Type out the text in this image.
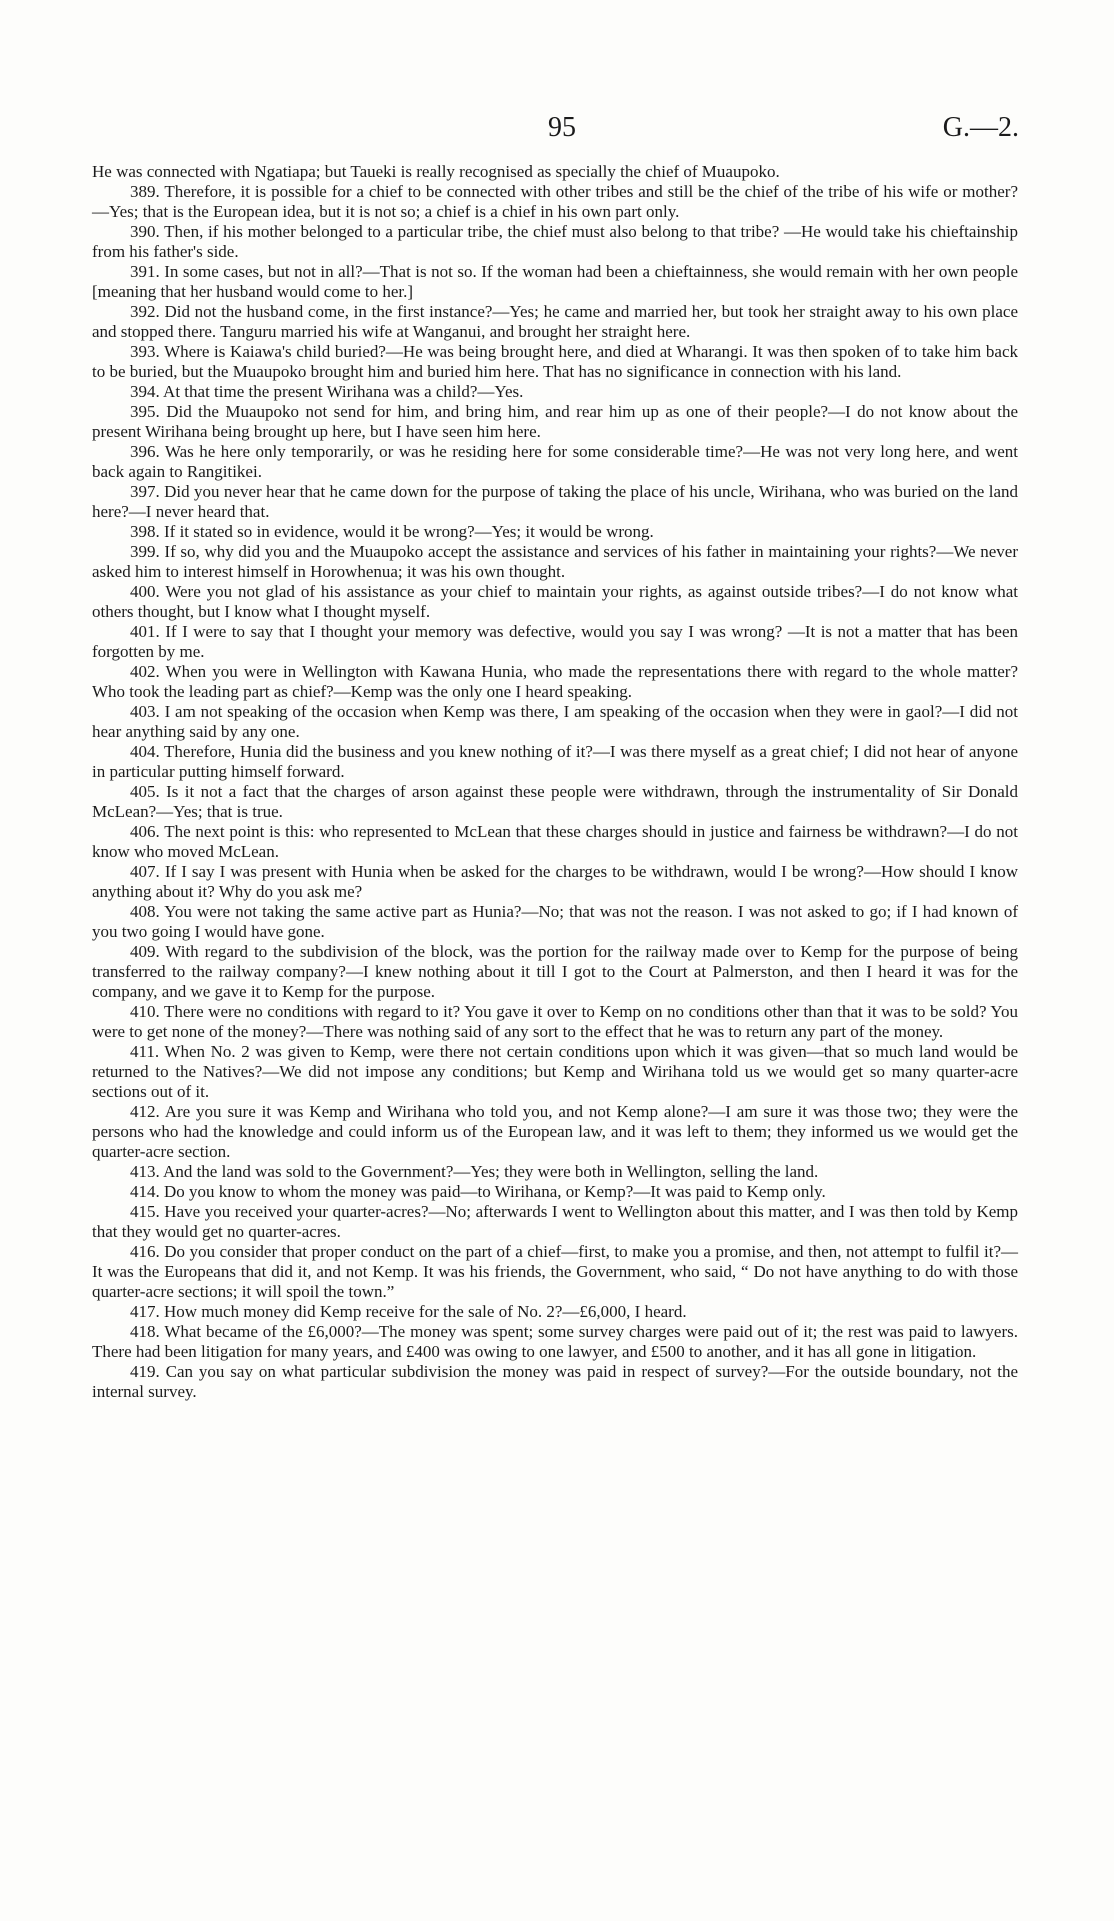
95	G.—2.

He was connected with Ngatiapa; but Taueki is really recognised as specially the chief of Muaupoko.

389. Therefore, it is possible for a chief to be connected with other tribes and still be the chief of the tribe of his wife or mother?—Yes; that is the European idea, but it is not so; a chief is a chief in his own part only.

390. Then, if his mother belonged to a particular tribe, the chief must also belong to that tribe? —He would take his chieftainship from his father's side.

391. In some cases, but not in all?—That is not so. If the woman had been a chieftainness, she would remain with her own people [meaning that her husband would come to her.]

392. Did not the husband come, in the first instance?—Yes; he came and married her, but took her straight away to his own place and stopped there. Tanguru married his wife at Wanganui, and brought her straight here.

393. Where is Kaiawa's child buried?—He was being brought here, and died at Wharangi. It was then spoken of to take him back to be buried, but the Muaupoko brought him and buried him here. That has no significance in connection with his land.

394. At that time the present Wirihana was a child?—Yes.

395. Did the Muaupoko not send for him, and bring him, and rear him up as one of their people?—I do not know about the present Wirihana being brought up here, but I have seen him here.

396. Was he here only temporarily, or was he residing here for some considerable time?—He was not very long here, and went back again to Rangitikei.

397. Did you never hear that he came down for the purpose of taking the place of his uncle, Wirihana, who was buried on the land here?—I never heard that.

398. If it stated so in evidence, would it be wrong?—Yes; it would be wrong.

399. If so, why did you and the Muaupoko accept the assistance and services of his father in maintaining your rights?—We never asked him to interest himself in Horowhenua; it was his own thought.

400. Were you not glad of his assistance as your chief to maintain your rights, as against outside tribes?—I do not know what others thought, but I know what I thought myself.

401. If I were to say that I thought your memory was defective, would you say I was wrong? —It is not a matter that has been forgotten by me.

402. When you were in Wellington with Kawana Hunia, who made the representations there with regard to the whole matter? Who took the leading part as chief?—Kemp was the only one I heard speaking.

403. I am not speaking of the occasion when Kemp was there, I am speaking of the occasion when they were in gaol?—I did not hear anything said by any one.

404. Therefore, Hunia did the business and you knew nothing of it?—I was there myself as a great chief; I did not hear of anyone in particular putting himself forward.

405. Is it not a fact that the charges of arson against these people were withdrawn, through the instrumentality of Sir Donald McLean?—Yes; that is true.

406. The next point is this: who represented to McLean that these charges should in justice and fairness be withdrawn?—I do not know who moved McLean.

407. If I say I was present with Hunia when be asked for the charges to be withdrawn, would I be wrong?—How should I know anything about it? Why do you ask me?

408. You were not taking the same active part as Hunia?—No; that was not the reason. I was not asked to go; if I had known of you two going I would have gone.

409. With regard to the subdivision of the block, was the portion for the railway made over to Kemp for the purpose of being transferred to the railway company?—I knew nothing about it till I got to the Court at Palmerston, and then I heard it was for the company, and we gave it to Kemp for the purpose.

410. There were no conditions with regard to it? You gave it over to Kemp on no conditions other than that it was to be sold? You were to get none of the money?—There was nothing said of any sort to the effect that he was to return any part of the money.

411. When No. 2 was given to Kemp, were there not certain conditions upon which it was given—that so much land would be returned to the Natives?—We did not impose any conditions; but Kemp and Wirihana told us we would get so many quarter-acre sections out of it.

412. Are you sure it was Kemp and Wirihana who told you, and not Kemp alone?—I am sure it was those two; they were the persons who had the knowledge and could inform us of the European law, and it was left to them; they informed us we would get the quarter-acre section.

413. And the land was sold to the Government?—Yes; they were both in Wellington, selling the land.

414. Do you know to whom the money was paid—to Wirihana, or Kemp?—It was paid to Kemp only.

415. Have you received your quarter-acres?—No; afterwards I went to Wellington about this matter, and I was then told by Kemp that they would get no quarter-acres.

416. Do you consider that proper conduct on the part of a chief—first, to make you a promise, and then, not attempt to fulfil it?—It was the Europeans that did it, and not Kemp. It was his friends, the Government, who said, “ Do not have anything to do with those quarter-acre sections; it will spoil the town.”

417. How much money did Kemp receive for the sale of No. 2?—£6,000, I heard.

418. What became of the £6,000?—The money was spent; some survey charges were paid out of it; the rest was paid to lawyers. There had been litigation for many years, and £400 was owing to one lawyer, and £500 to another, and it has all gone in litigation.

419. Can you say on what particular subdivision the money was paid in respect of survey?—For the outside boundary, not the internal survey.
